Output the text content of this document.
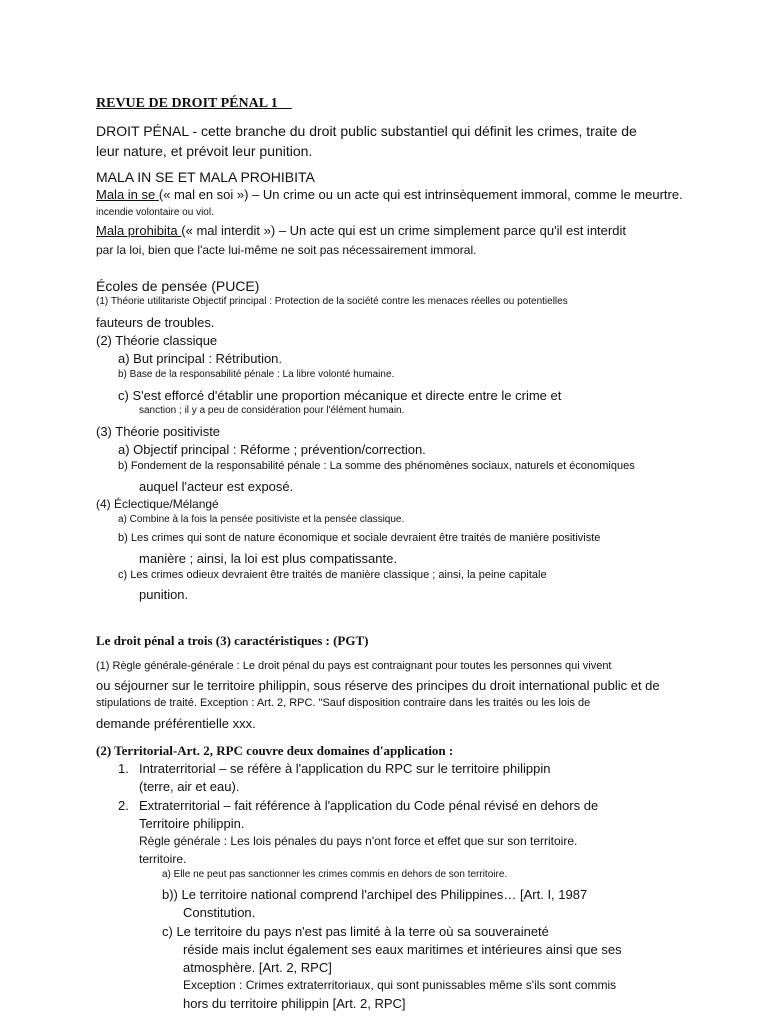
REVUE DE DROIT PÉNAL 1
DROIT PÉNAL - cette branche du droit public substantiel qui définit les crimes, traite de
leur nature, et prévoit leur punition.
MALA IN SE ET MALA PROHIBITA
Mala in se (« mal en soi ») – Un crime ou un acte qui est intrinsèquement immoral, comme le meurtre.
incendie volontaire ou viol.
Mala prohibita (« mal interdit ») – Un acte qui est un crime simplement parce qu'il est interdit
par la loi, bien que l'acte lui-même ne soit pas nécessairement immoral.
Écoles de pensée (PUCE)
(1) Théorie utilitariste Objectif principal : Protection de la société contre les menaces réelles ou potentielles
fauteurs de troubles.
(2) Théorie classique
a) But principal : Rétribution.
b) Base de la responsabilité pénale : La libre volonté humaine.
c) S'est efforcé d'établir une proportion mécanique et directe entre le crime et
sanction ; il y a peu de considération pour l'élément humain.
(3) Théorie positiviste
a) Objectif principal : Réforme ; prévention/correction.
b) Fondement de la responsabilité pénale : La somme des phénomènes sociaux, naturels et économiques
auquel l'acteur est exposé.
(4) Éclectique/Mélangé
a) Combine à la fois la pensée positiviste et la pensée classique.
b) Les crimes qui sont de nature économique et sociale devraient être traités de manière positiviste
manière ; ainsi, la loi est plus compatissante.
c) Les crimes odieux devraient être traités de manière classique ; ainsi, la peine capitale
punition.
Le droit pénal a trois (3) caractéristiques : (PGT)
(1) Règle générale-générale : Le droit pénal du pays est contraignant pour toutes les personnes qui vivent
ou séjourner sur le territoire philippin, sous réserve des principes du droit international public et de
stipulations de traité. Exception : Art. 2, RPC. "Sauf disposition contraire dans les traités ou les lois de
demande préférentielle xxx.
(2) Territorial-Art. 2, RPC couvre deux domaines d'application :
1. Intraterritorial – se réfère à l'application du RPC sur le territoire philippin
(terre, air et eau).
2. Extraterritorial – fait référence à l'application du Code pénal révisé en dehors de
Territoire philippin.
Règle générale : Les lois pénales du pays n'ont force et effet que sur son territoire.
territoire.
a) Elle ne peut pas sanctionner les crimes commis en dehors de son territoire.
b)) Le territoire national comprend l'archipel des Philippines… [Art. I, 1987
Constitution.
c) Le territoire du pays n'est pas limité à la terre où sa souveraineté
réside mais inclut également ses eaux maritimes et intérieures ainsi que ses
atmosphère. [Art. 2, RPC]
Exception : Crimes extraterritoriaux, qui sont punissables même s'ils sont commis
hors du territoire philippin [Art. 2, RPC]
